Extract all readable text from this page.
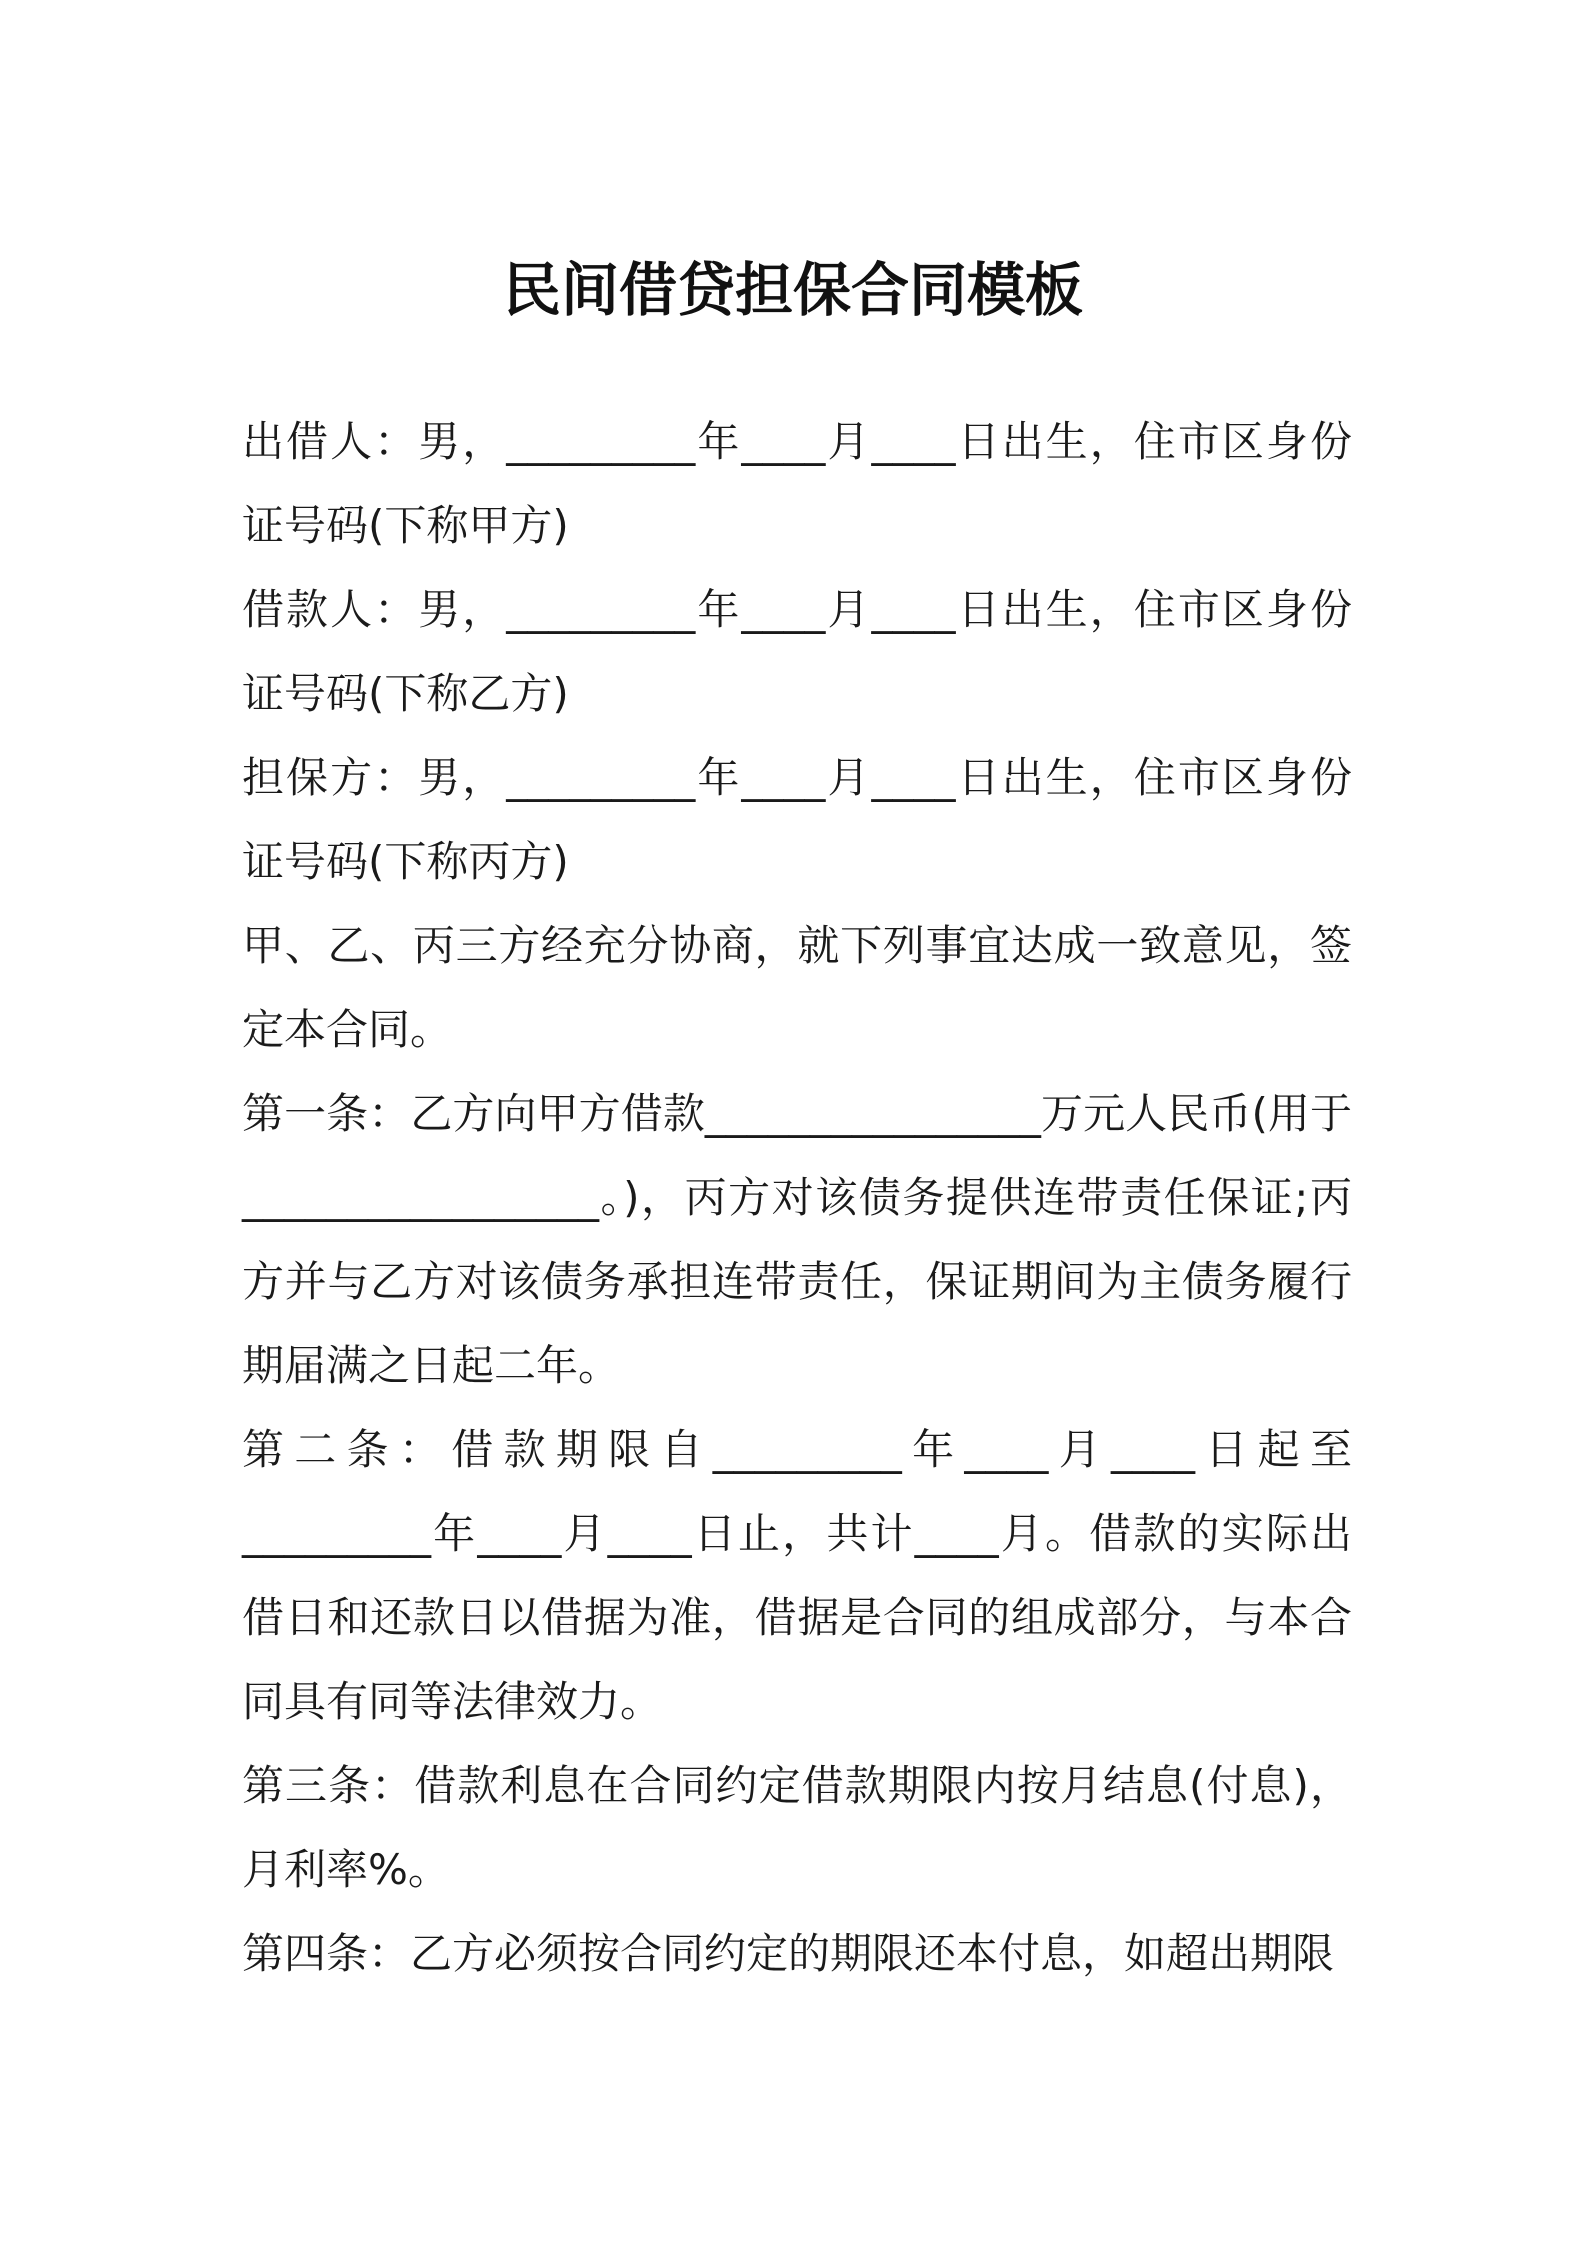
民间借贷担保合同模板

出借人：男，_________年____月____日出生，住市区身份证号码(下称甲方)

借款人：男，_________年____月____日出生，住市区身份证号码(下称乙方)

担保方：男，_________年____月____日出生，住市区身份证号码(下称丙方)

甲、乙、丙三方经充分协商，就下列事宜达成一致意见，签定本合同。

第一条：乙方向甲方借款________________万元人民币(用于_________________。)，丙方对该债务提供连带责任保证;丙方并与乙方对该债务承担连带责任，保证期间为主债务履行期届满之日起二年。

第二条：借款期限自_________年____月____日起至_________年____月____日止，共计____月。借款的实际出借日和还款日以借据为准，借据是合同的组成部分，与本合同具有同等法律效力。

第三条：借款利息在合同约定借款期限内按月结息(付息)，月利率%。

第四条：乙方必须按合同约定的期限还本付息，如超出期限
